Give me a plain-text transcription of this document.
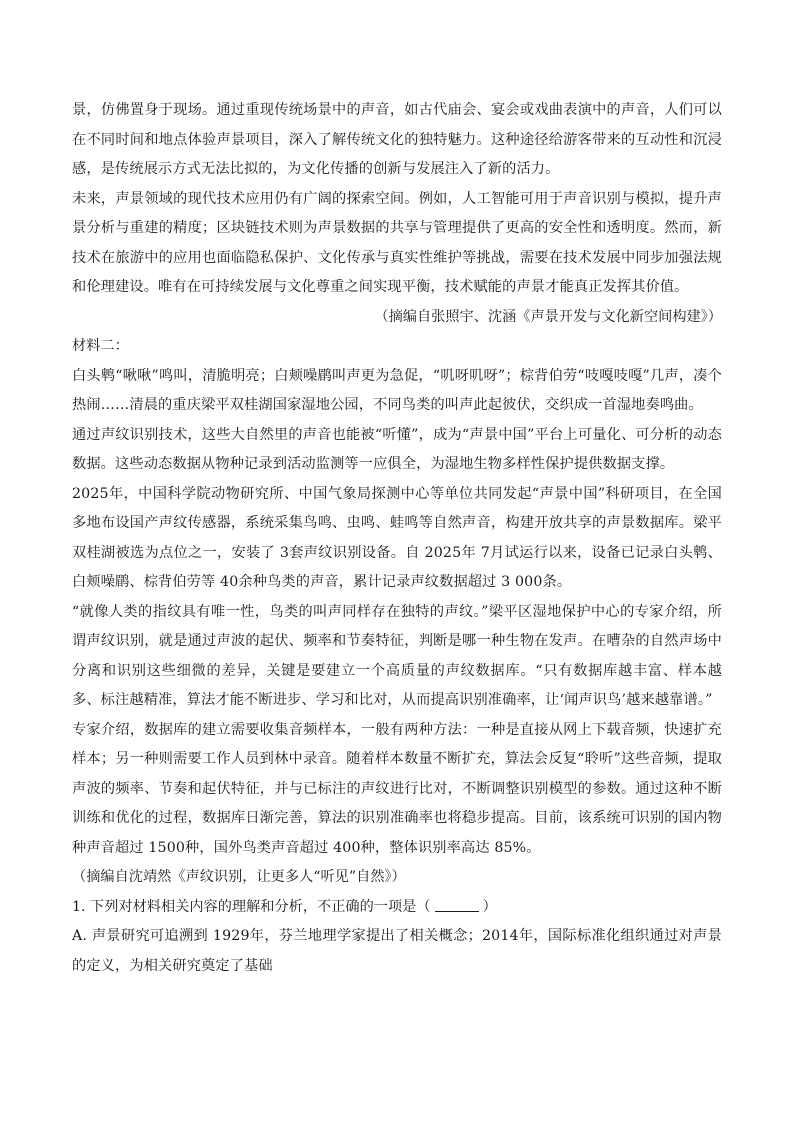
景，仿佛置身于现场。通过重现传统场景中的声音，如古代庙会、宴会或戏曲表演中的声音，人们可以在不同时间和地点体验声景项目，深入了解传统文化的独特魅力。这种途径给游客带来的互动性和沉浸感，是传统展示方式无法比拟的，为文化传播的创新与发展注入了新的活力。

未来，声景领域的现代技术应用仍有广阔的探索空间。例如，人工智能可用于声音识别与模拟，提升声景分析与重建的精度；区块链技术则为声景数据的共享与管理提供了更高的安全性和透明度。然而，新技术在旅游中的应用也面临隐私保护、文化传承与真实性维护等挑战，需要在技术发展中同步加强法规和伦理建设。唯有在可持续发展与文化尊重之间实现平衡，技术赋能的声景才能真正发挥其价值。

（摘编自张照宇、沈涵《声景开发与文化新空间构建》）

材料二：

白头鹎“啾啾”鸣叫，清脆明亮；白颊噪鹛叫声更为急促，“叽呀叽呀”；棕背伯劳“吱嘎吱嘎”几声，凑个热闹……清晨的重庆梁平双桂湖国家湿地公园，不同鸟类的叫声此起彼伏，交织成一首湿地奏鸣曲。

通过声纹识别技术，这些大自然里的声音也能被“听懂”，成为“声景中国”平台上可量化、可分析的动态数据。这些动态数据从物种记录到活动监测等一应俱全，为湿地生物多样性保护提供数据支撑。

2025年，中国科学院动物研究所、中国气象局探测中心等单位共同发起“声景中国”科研项目，在全国多地布设国产声纹传感器，系统采集鸟鸣、虫鸣、蛙鸣等自然声音，构建开放共享的声景数据库。梁平双桂湖被选为点位之一，安装了 3套声纹识别设备。自 2025年 7月试运行以来，设备已记录白头鹎、白颊噪鹛、棕背伯劳等 40余种鸟类的声音，累计记录声纹数据超过 3 000条。

“就像人类的指纹具有唯一性，鸟类的叫声同样存在独特的声纹。”梁平区湿地保护中心的专家介绍，所谓声纹识别，就是通过声波的起伏、频率和节奏特征，判断是哪一种生物在发声。在嘈杂的自然声场中分离和识别这些细微的差异，关键是要建立一个高质量的声纹数据库。“只有数据库越丰富、样本越多、标注越精准，算法才能不断进步、学习和比对，从而提高识别准确率，让‘闻声识鸟’越来越靠谱。”

专家介绍，数据库的建立需要收集音频样本，一般有两种方法：一种是直接从网上下载音频，快速扩充样本；另一种则需要工作人员到林中录音。随着样本数量不断扩充，算法会反复“聆听”这些音频，提取声波的频率、节奏和起伏特征，并与已标注的声纹进行比对，不断调整识别模型的参数。通过这种不断训练和优化的过程，数据库日渐完善，算法的识别准确率也将稳步提高。目前，该系统可识别的国内物种声音超过 1500种，国外鸟类声音超过 400种，整体识别率高达 85%。

（摘编自沈靖然《声纹识别，让更多人“听见”自然》）

1. 下列对材料相关内容的理解和分析，不正确的一项是（	）

A. 声景研究可追溯到 1929年，芬兰地理学家提出了相关概念；2014年，国际标准化组织通过对声景的定义，为相关研究奠定了基础
